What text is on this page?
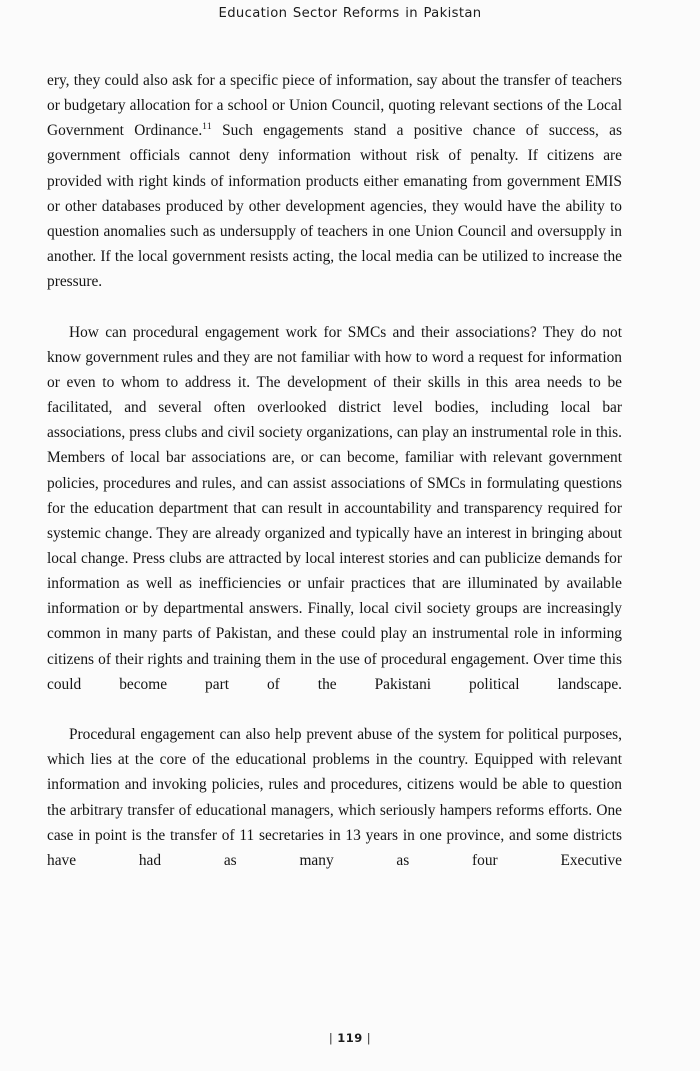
Education Sector Reforms in Pakistan

ery, they could also ask for a specific piece of information, say about the transfer of teachers or budgetary allocation for a school or Union Council, quoting relevant sections of the Local Government Ordinance.$^{11}$ Such engagements stand a positive chance of success, as government officials cannot deny information without risk of penalty. If citizens are provided with right kinds of information products either emanating from government EMIS or other databases produced by other development agencies, they would have the ability to question anomalies such as undersupply of teachers in one Union Council and oversupply in another. If the local government resists acting, the local media can be utilized to increase the pressure.

How can procedural engagement work for SMCs and their associations? They do not know government rules and they are not familiar with how to word a request for information or even to whom to address it. The development of their skills in this area needs to be facilitated, and several often overlooked district level bodies, including local bar associations, press clubs and civil society organizations, can play an instrumental role in this. Members of local bar associations are, or can become, familiar with relevant government policies, procedures and rules, and can assist associations of SMCs in formulating questions for the education department that can result in accountability and transparency required for systemic change. They are already organized and typically have an interest in bringing about local change. Press clubs are attracted by local interest stories and can publicize demands for information as well as inefficiencies or unfair practices that are illuminated by available information or by departmental answers. Finally, local civil society groups are increasingly common in many parts of Pakistan, and these could play an instrumental role in informing citizens of their rights and training them in the use of procedural engagement. Over time this could become part of the Pakistani political landscape.

Procedural engagement can also help prevent abuse of the system for political purposes, which lies at the core of the educational problems in the country. Equipped with relevant information and invoking policies, rules and procedures, citizens would be able to question the arbitrary transfer of educational managers, which seriously hampers reforms efforts. One case in point is the transfer of 11 secretaries in 13 years in one province, and some districts have had as many as four Executive

| 119 |
